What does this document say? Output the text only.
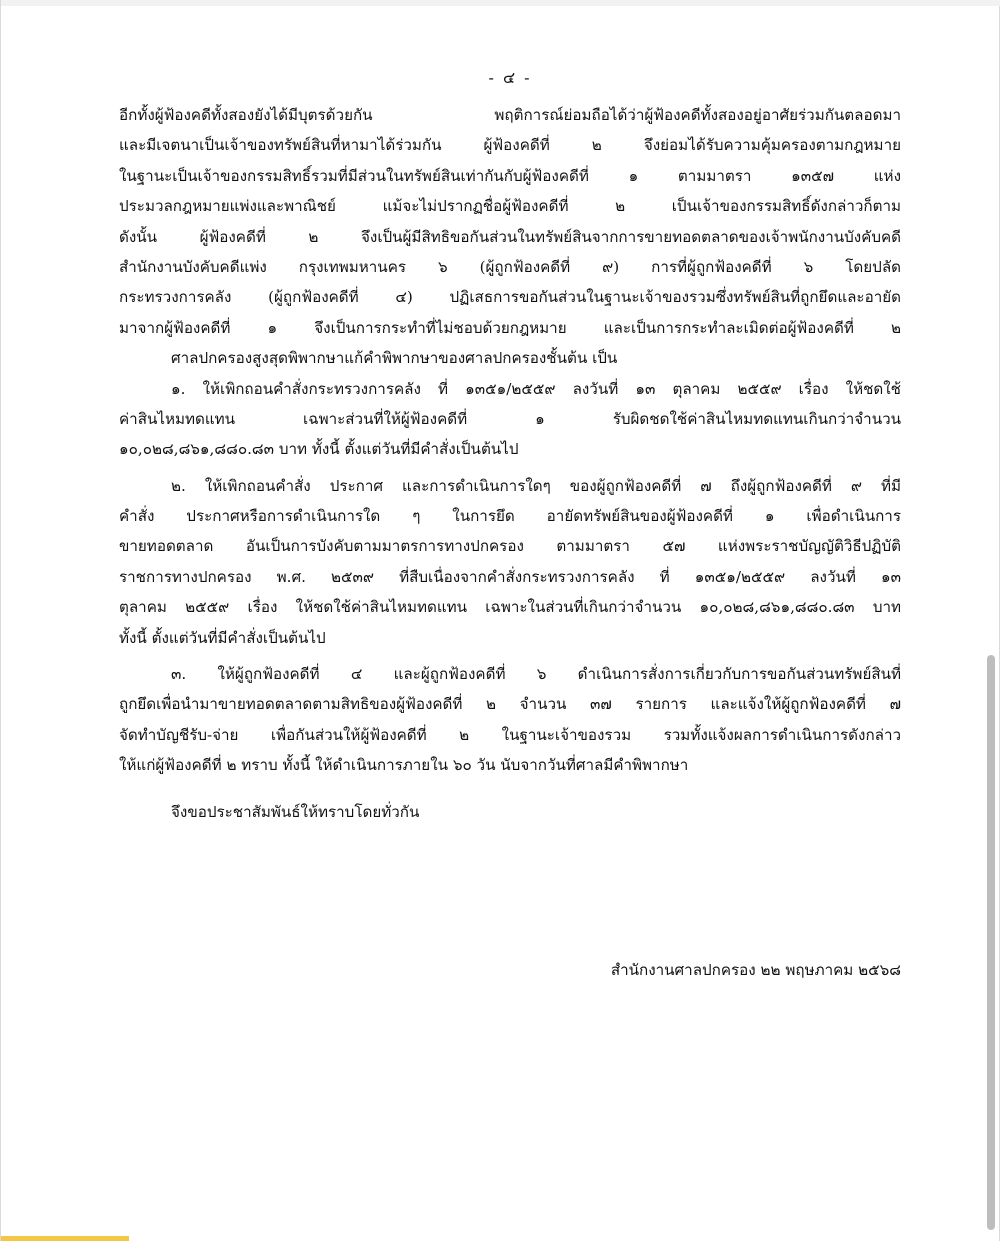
- ๔ -
อีกทั้งผู้ฟ้องคดีทั้งสองยังได้มีบุตรด้วยกัน พฤติการณ์ย่อมถือได้ว่าผู้ฟ้องคดีทั้งสองอยู่อาศัยร่วมกันตลอดมา
และมีเจตนาเป็นเจ้าของทรัพย์สินที่หามาได้ร่วมกัน ผู้ฟ้องคดีที่ ๒ จึงย่อมได้รับความคุ้มครองตามกฎหมาย
ในฐานะเป็นเจ้าของกรรมสิทธิ์รวมที่มีส่วนในทรัพย์สินเท่ากันกับผู้ฟ้องคดีที่ ๑ ตามมาตรา ๑๓๕๗ แห่ง
ประมวลกฎหมายแพ่งและพาณิชย์ แม้จะไม่ปรากฏชื่อผู้ฟ้องคดีที่ ๒ เป็นเจ้าของกรรมสิทธิ์ดังกล่าวก็ตาม
ดังนั้น ผู้ฟ้องคดีที่ ๒ จึงเป็นผู้มีสิทธิขอกันส่วนในทรัพย์สินจากการขายทอดตลาดของเจ้าพนักงานบังคับคดี
สำนักงานบังคับคดีแพ่ง กรุงเทพมหานคร ๖ (ผู้ถูกฟ้องคดีที่ ๙) การที่ผู้ถูกฟ้องคดีที่ ๖ โดยปลัด
กระทรวงการคลัง (ผู้ถูกฟ้องคดีที่ ๔) ปฏิเสธการขอกันส่วนในฐานะเจ้าของรวมซึ่งทรัพย์สินที่ถูกยึดและอายัด
มาจากผู้ฟ้องคดีที่ ๑ จึงเป็นการกระทำที่ไม่ชอบด้วยกฎหมาย และเป็นการกระทำละเมิดต่อผู้ฟ้องคดีที่ ๒
ศาลปกครองสูงสุดพิพากษาแก้คำพิพากษาของศาลปกครองชั้นต้น เป็น
๑. ให้เพิกถอนคำสั่งกระทรวงการคลัง ที่ ๑๓๕๑/๒๕๕๙ ลงวันที่ ๑๓ ตุลาคม ๒๕๕๙ เรื่อง ให้ชดใช้
ค่าสินไหมทดแทน เฉพาะส่วนที่ให้ผู้ฟ้องคดีที่ ๑ รับผิดชดใช้ค่าสินไหมทดแทนเกินกว่าจำนวน
๑๐,๐๒๘,๘๖๑,๘๘๐.๘๓ บาท ทั้งนี้ ตั้งแต่วันที่มีคำสั่งเป็นต้นไป
๒. ให้เพิกถอนคำสั่ง ประกาศ และการดำเนินการใดๆ ของผู้ถูกฟ้องคดีที่ ๗ ถึงผู้ถูกฟ้องคดีที่ ๙ ที่มี
คำสั่ง ประกาศหรือการดำเนินการใด ๆ ในการยึด อายัดทรัพย์สินของผู้ฟ้องคดีที่ ๑ เพื่อดำเนินการ
ขายทอดตลาด อันเป็นการบังคับตามมาตรการทางปกครอง ตามมาตรา ๕๗ แห่งพระราชบัญญัติวิธีปฏิบัติ
ราชการทางปกครอง พ.ศ. ๒๕๓๙ ที่สืบเนื่องจากคำสั่งกระทรวงการคลัง ที่ ๑๓๕๑/๒๕๕๙ ลงวันที่ ๑๓
ตุลาคม ๒๕๕๙ เรื่อง ให้ชดใช้ค่าสินไหมทดแทน เฉพาะในส่วนที่เกินกว่าจำนวน ๑๐,๐๒๘,๘๖๑,๘๘๐.๘๓ บาท
ทั้งนี้ ตั้งแต่วันที่มีคำสั่งเป็นต้นไป
๓. ให้ผู้ถูกฟ้องคดีที่ ๔ และผู้ถูกฟ้องคดีที่ ๖ ดำเนินการสั่งการเกี่ยวกับการขอกันส่วนทรัพย์สินที่
ถูกยึดเพื่อนำมาขายทอดตลาดตามสิทธิของผู้ฟ้องคดีที่ ๒ จำนวน ๓๗ รายการ และแจ้งให้ผู้ถูกฟ้องคดีที่ ๗
จัดทำบัญชีรับ-จ่าย เพื่อกันส่วนให้ผู้ฟ้องคดีที่ ๒ ในฐานะเจ้าของรวม รวมทั้งแจ้งผลการดำเนินการดังกล่าว
ให้แก่ผู้ฟ้องคดีที่ ๒ ทราบ ทั้งนี้ ให้ดำเนินการภายใน ๖๐ วัน นับจากวันที่ศาลมีคำพิพากษา
จึงขอประชาสัมพันธ์ให้ทราบโดยทั่วกัน
สำนักงานศาลปกครอง ๒๒ พฤษภาคม ๒๕๖๘
